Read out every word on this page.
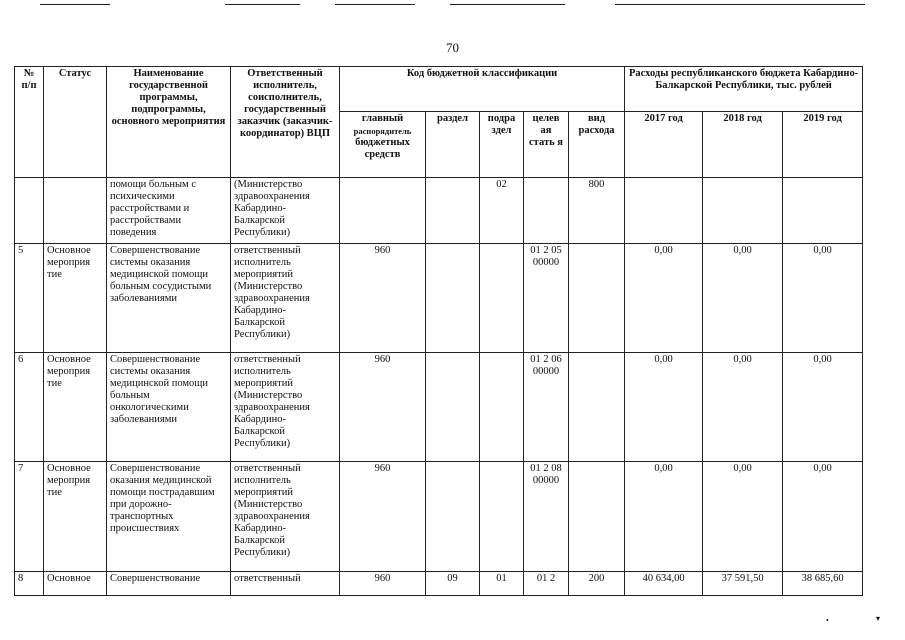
70
№ п/п	Статус	Наименование государственной программы, подпрограммы, основного мероприятия	Ответственный исполнитель, соисполнитель, государственный заказчик (заказчик-координатор) ВЦП	Код бюджетной классификации					Расходы республиканского бюджета Кабардино-Балкарской Республики, тыс. рублей		

				главный
распорядитель
бюджетных средств	раздел	подра здел	целев ая стать я	вид расхода	2017 год	2018 год	2019 год
		помощи больным с психическими расстройствами и расстройствами поведения	(Министерство здравоохранения Кабардино-Балкарской Республики)			02		800			
5	Основное мероприя тие	Совершенствование системы оказания медицинской помощи больным сосудистыми заболеваниями	ответственный исполнитель мероприятий (Министерство здравоохранения Кабардино-Балкарской Республики)	960			01 2 05 00000		0,00	0,00	0,00
6	Основное мероприя тие	Совершенствование системы оказания медицинской помощи больным онкологическими заболеваниями	ответственный исполнитель мероприятий (Министерство здравоохранения Кабардино-Балкарской Республики)	960			01 2 06 00000		0,00	0,00	0,00
7	Основное мероприя тие	Совершенствование оказания медицинской помощи пострадавшим при дорожно-транспортных происшествиях	ответственный исполнитель мероприятий (Министерство здравоохранения Кабардино-Балкарской Республики)	960			01 2 08 00000		0,00	0,00	0,00
8	Основное	Совершенствование	ответственный	960	09	01	01 2	200	40 634,00	37 591,50	38 685,60
•	▾
